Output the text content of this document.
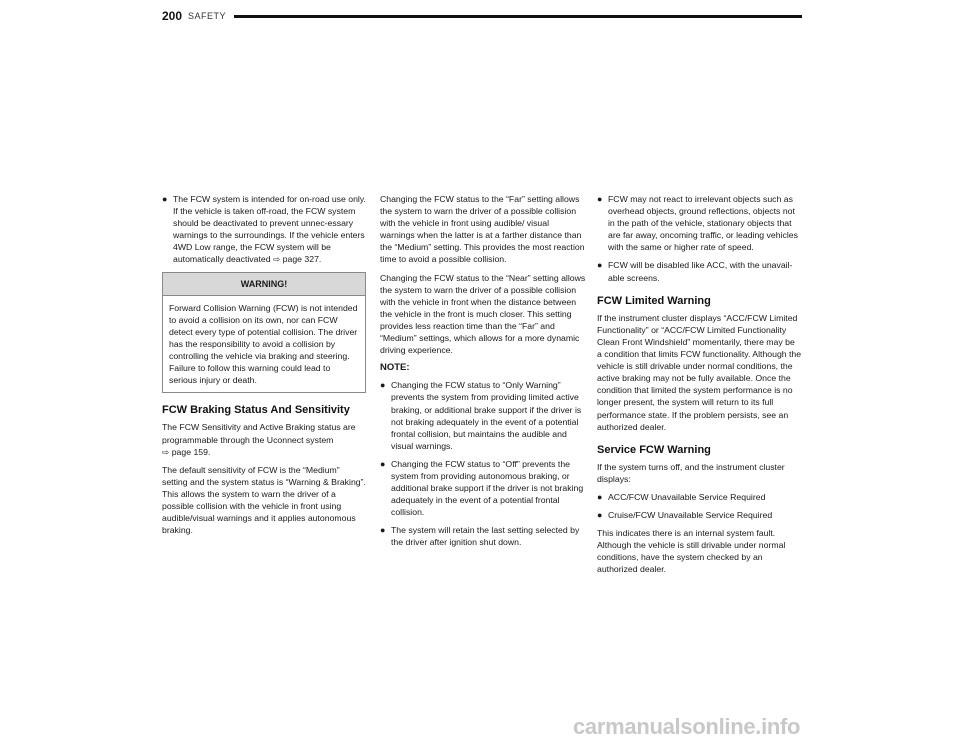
200 SAFETY
● The FCW system is intended for on-road use only. If the vehicle is taken off-road, the FCW system should be deactivated to prevent unnec-essary warnings to the surroundings. If the vehicle enters 4WD Low range, the FCW system will be automatically deactivated ⇨ page 327.
WARNING!
Forward Collision Warning (FCW) is not intended to avoid a collision on its own, nor can FCW detect every type of potential collision. The driver has the responsibility to avoid a collision by controlling the vehicle via braking and steering. Failure to follow this warning could lead to serious injury or death.
FCW Braking Status And Sensitivity

The FCW Sensitivity and Active Braking status are programmable through the Uconnect system
⇨ page 159.

The default sensitivity of FCW is the “Medium” setting and the system status is “Warning & Braking”. This allows the system to warn the driver of a possible collision with the vehicle in front using audible/visual warnings and it applies autonomous braking.

Changing the FCW status to the “Far” setting allows the system to warn the driver of a possible collision with the vehicle in front using audible/ visual warnings when the latter is at a farther distance than the “Medium” setting. This provides the most reaction time to avoid a possible collision.

Changing the FCW status to the “Near” setting allows the system to warn the driver of a possible collision with the vehicle in front when the distance between the vehicle in the front is much closer. This setting provides less reaction time than the “Far” and “Medium” settings, which allows for a more dynamic driving experience.

NOTE:
● Changing the FCW status to “Only Warning” prevents the system from providing limited active braking, or additional brake support if the driver is not braking adequately in the event of a potential frontal collision, but maintains the audible and visual warnings.
● Changing the FCW status to “Off” prevents the system from providing autonomous braking, or additional brake support if the driver is not braking adequately in the event of a potential frontal collision.
● The system will retain the last setting selected by the driver after ignition shut down.
● FCW may not react to irrelevant objects such as overhead objects, ground reflections, objects not in the path of the vehicle, stationary objects that are far away, oncoming traffic, or leading vehicles with the same or higher rate of speed.
● FCW will be disabled like ACC, with the unavail-able screens.
FCW Limited Warning

If the instrument cluster displays “ACC/FCW Limited Functionality” or “ACC/FCW Limited Functionality Clean Front Windshield” momentarily, there may be a condition that limits FCW functionality. Although the vehicle is still drivable under normal conditions, the active braking may not be fully available. Once the condition that limited the system performance is no longer present, the system will return to its full performance state. If the problem persists, see an authorized dealer.

Service FCW Warning

If the system turns off, and the instrument cluster displays:

● ACC/FCW Unavailable Service Required
● Cruise/FCW Unavailable Service Required

This indicates there is an internal system fault. Although the vehicle is still drivable under normal conditions, have the system checked by an authorized dealer.

carmanualsonline.info
